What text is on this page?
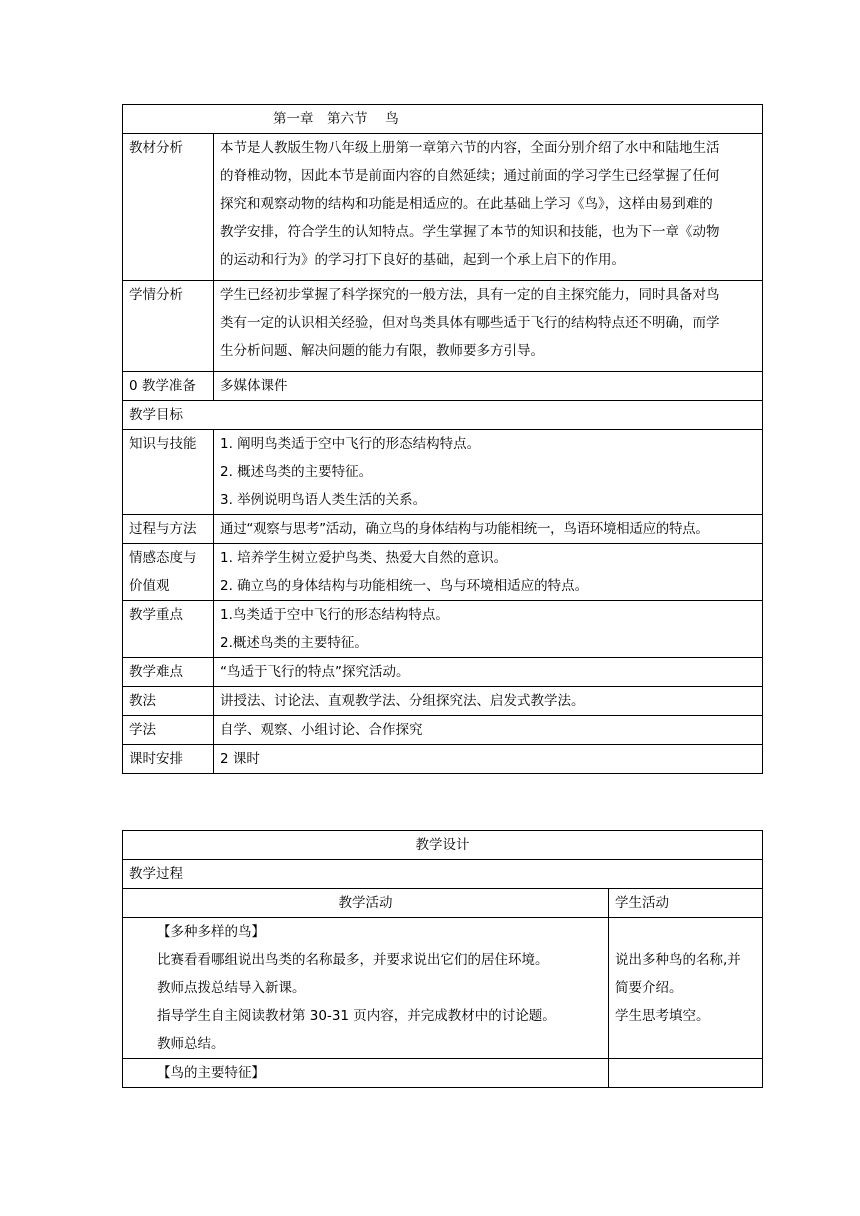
第一章　第六节　 鸟	
教材分析	本节是人教版生物八年级上册第一章第六节的内容，全面分别介绍了水中和陆地生活
的脊椎动物，因此本节是前面内容的自然延续；通过前面的学习学生已经掌握了任何
探究和观察动物的结构和功能是相适应的。在此基础上学习《鸟》，这样由易到难的
教学安排，符合学生的认知特点。学生掌握了本节的知识和技能，也为下一章《动物
的运动和行为》的学习打下良好的基础，起到一个承上启下的作用。

学情分析	学生已经初步掌握了科学探究的一般方法，具有一定的自主探究能力，同时具备对鸟
类有一定的认识相关经验，但对鸟类具体有哪些适于飞行的结构特点还不明确，而学
生分析问题、解决问题的能力有限，教师要多方引导。

0 教学准备	多媒体课件
教学目标	
知识与技能	1. 阐明鸟类适于空中飞行的形态结构特点。
2. 概述鸟类的主要特征。
3. 举例说明鸟语人类生活的关系。

过程与方法	通过“观察与思考”活动，确立鸟的身体结构与功能相统一，鸟语环境相适应的特点。

情感态度与
价值观	1. 培养学生树立爱护鸟类、热爱大自然的意识。
2. 确立鸟的身体结构与功能相统一、鸟与环境相适应的特点。

教学重点	1.鸟类适于空中飞行的形态结构特点。
2.概述鸟类的主要特征。

教学难点	“鸟适于飞行的特点”探究活动。
教法	讲授法、讨论法、直观教学法、分组探究法、启发式教学法。
学法	自学、观察、小组讨论、合作探究
课时安排	2 课时
教学设计	
教学过程	
教学活动	学生活动

【多种多样的鸟】
比赛看看哪组说出鸟类的名称最多，并要求说出它们的居住环境。
教师点拨总结导入新课。
指导学生自主阅读教材第 30-31 页内容，并完成教材中的讨论题。
教师总结。	说出多种鸟的名称,并
简要介绍。
学生思考填空。

【鸟的主要特征】	
